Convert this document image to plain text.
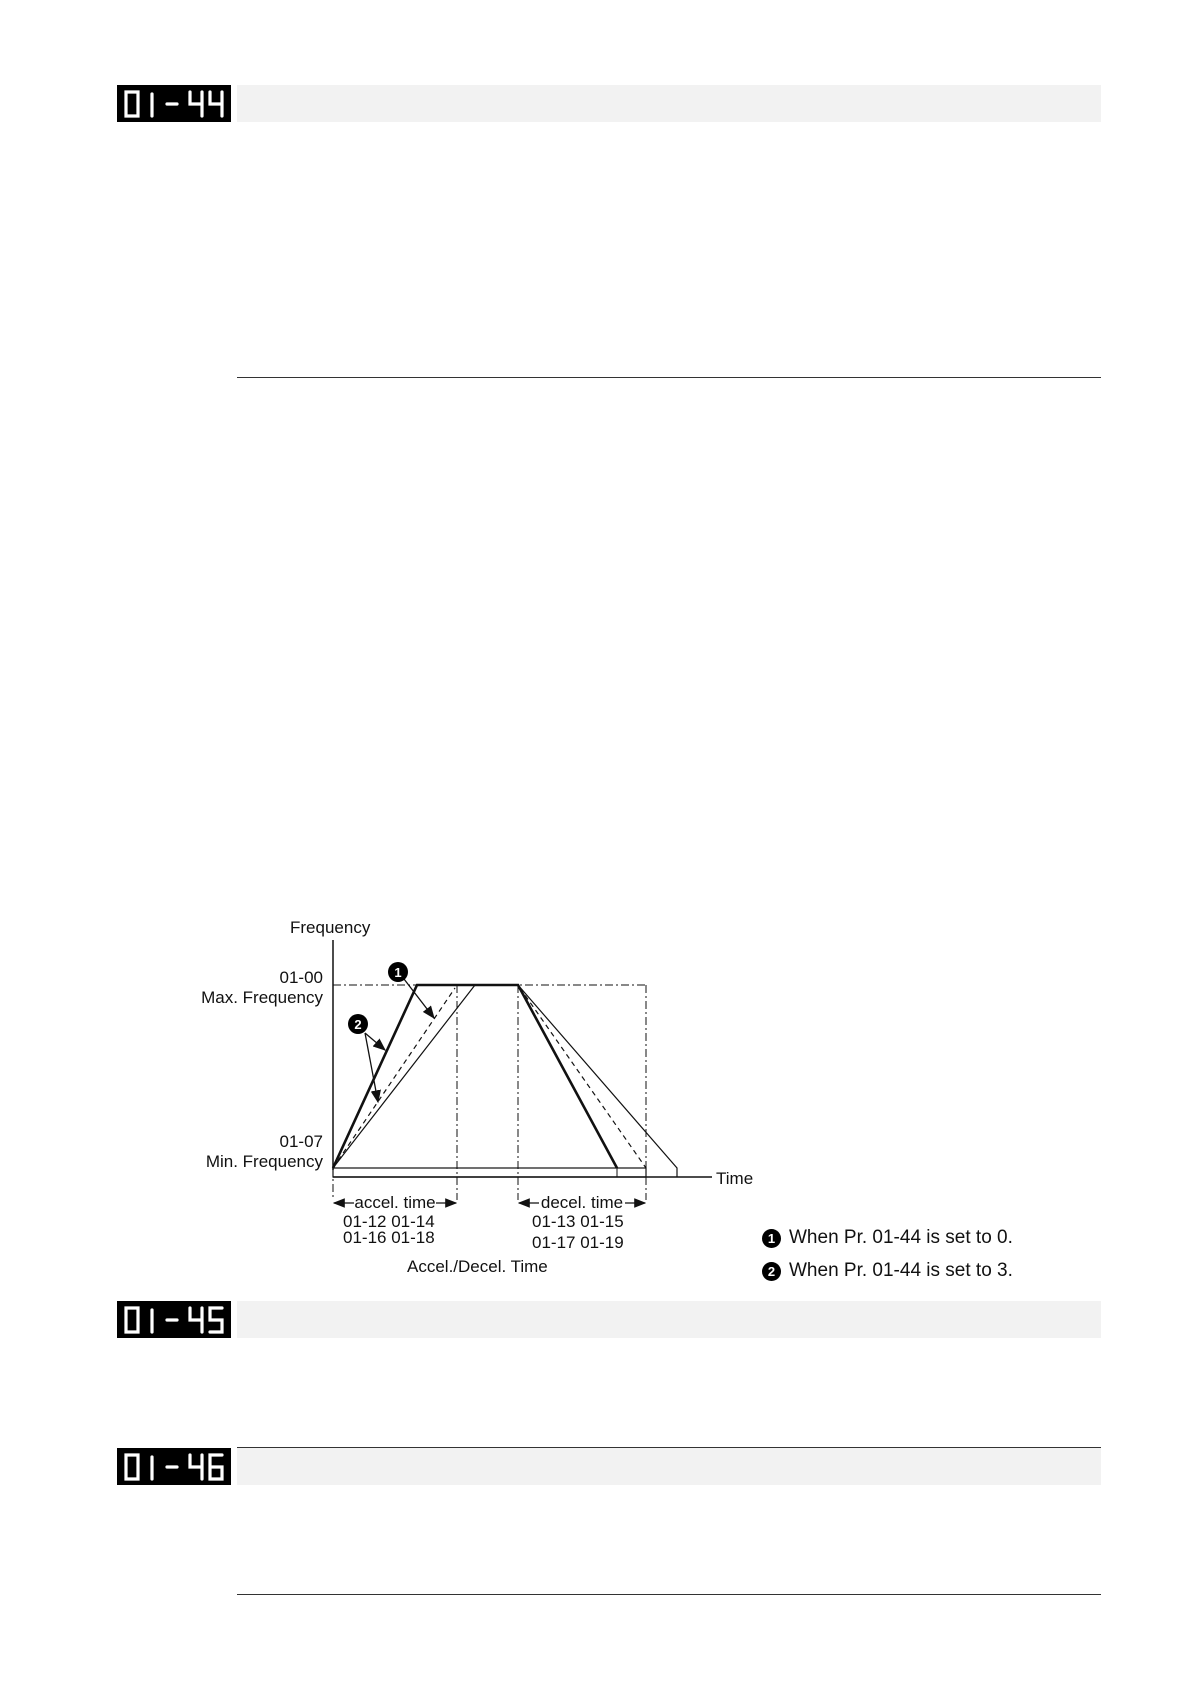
1
2
Frequency
01-00
Max. Frequency
01-07
Min. Frequency
Time
accel. time	decel. time
01-12 01-14
01-16 01-18
01-13 01-15
01-17 01-19
Accel./Decel. Time
1 When Pr. 01-44 is set to 0.
2 When Pr. 01-44 is set to 3.
